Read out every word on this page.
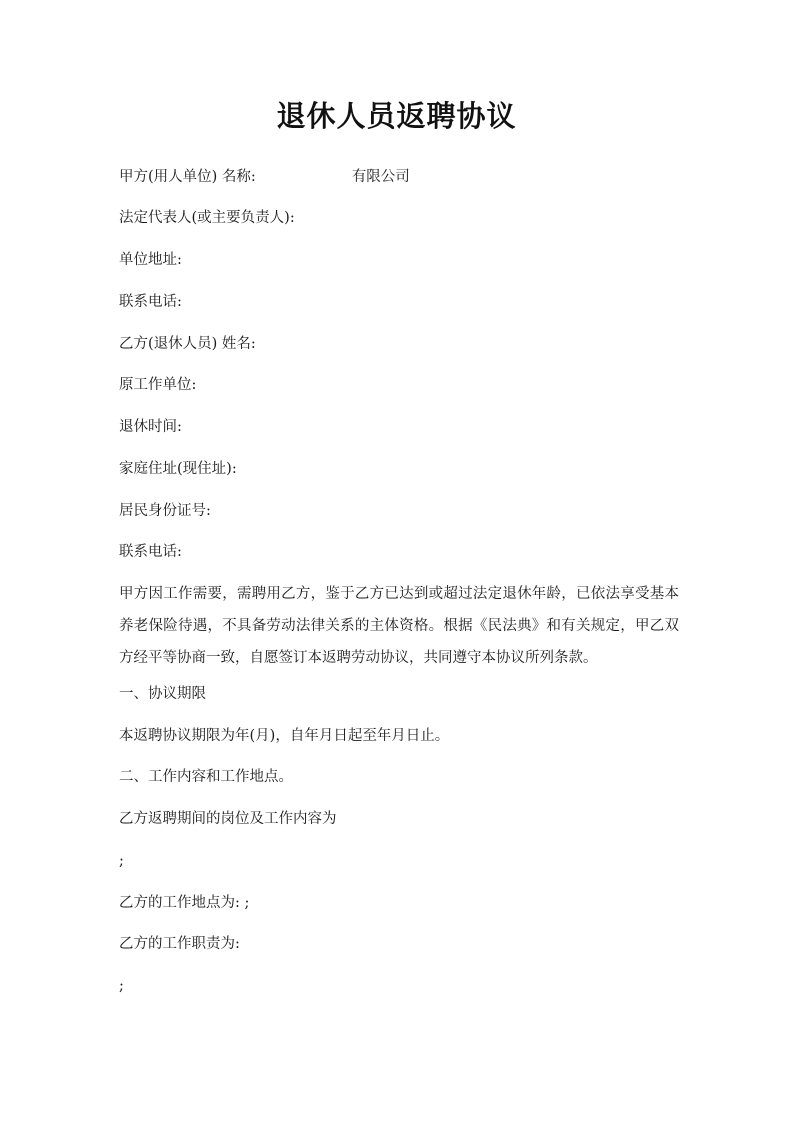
退休人员返聘协议

甲方(用人单位) 名称:	有限公司

法定代表人(或主要负责人):

单位地址:

联系电话:

乙方(退休人员) 姓名:

原工作单位:

退休时间:

家庭住址(现住址):

居民身份证号:

联系电话:

甲方因工作需要，需聘用乙方，鉴于乙方已达到或超过法定退休年龄，已依法享受基本养老保险待遇，不具备劳动法律关系的主体资格。根据《民法典》和有关规定，甲乙双方经平等协商一致，自愿签订本返聘劳动协议，共同遵守本协议所列条款。

一、协议期限

本返聘协议期限为年(月)，自年月日起至年月日止。

二、工作内容和工作地点。

乙方返聘期间的岗位及工作内容为

;

乙方的工作地点为: ;

乙方的工作职责为:

;
